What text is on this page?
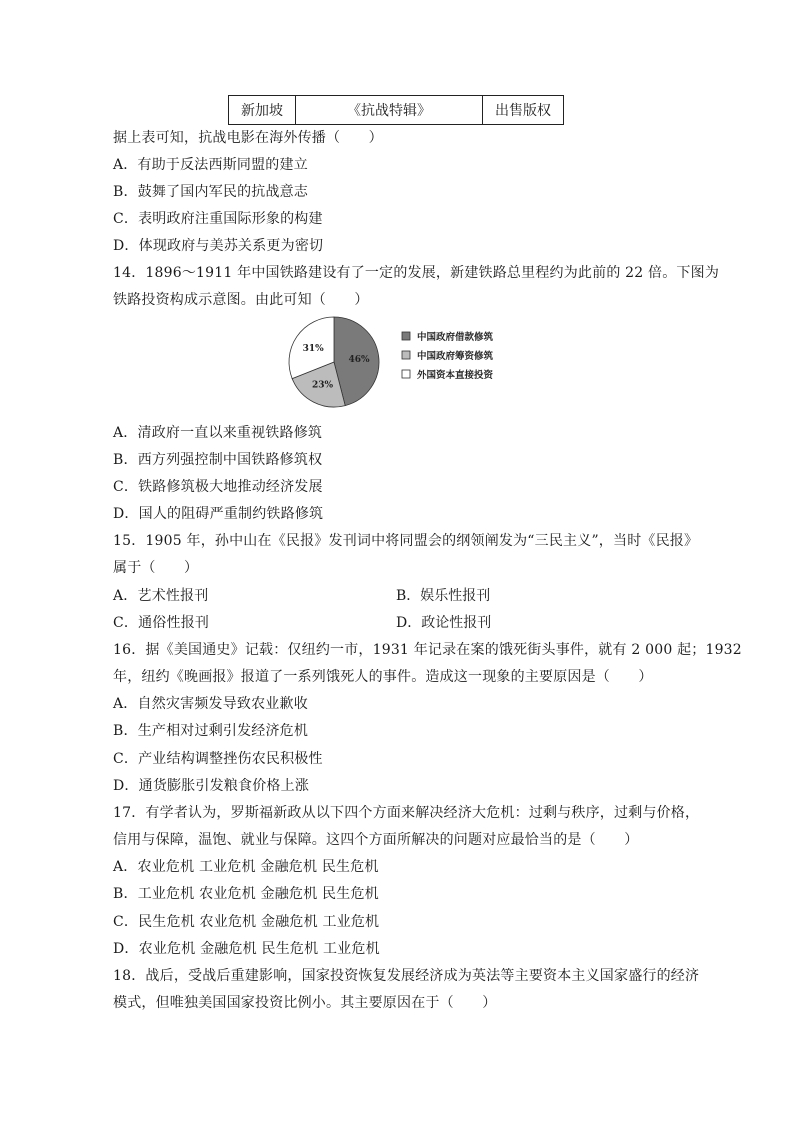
新加坡	《抗战特辑》	出售版权
据上表可知，抗战电影在海外传播（　　）
A．有助于反法西斯同盟的建立
B．鼓舞了国内军民的抗战意志
C．表明政府注重国际形象的构建
D．体现政府与美苏关系更为密切
14．1896～1911 年中国铁路建设有了一定的发展，新建铁路总里程约为此前的 22 倍。下图为
铁路投资构成示意图。由此可知（　　）
46%
23%
31%
中国政府借款修筑
中国政府筹资修筑
外国资本直接投资
A．清政府一直以来重视铁路修筑
B．西方列强控制中国铁路修筑权
C．铁路修筑极大地推动经济发展
D．国人的阻碍严重制约铁路修筑
15．1905 年，孙中山在《民报》发刊词中将同盟会的纲领阐发为“三民主义”，当时《民报》
属于（　　）
A．艺术性报刊	B．娱乐性报刊
C．通俗性报刊	D．政论性报刊
16．据《美国通史》记载：仅纽约一市，1931 年记录在案的饿死街头事件，就有 2 000 起；1932
年，纽约《晚画报》报道了一系列饿死人的事件。造成这一现象的主要原因是（　　）
A．自然灾害频发导致农业歉收
B．生产相对过剩引发经济危机
C．产业结构调整挫伤农民积极性
D．通货膨胀引发粮食价格上涨
17．有学者认为，罗斯福新政从以下四个方面来解决经济大危机：过剩与秩序，过剩与价格，
信用与保障，温饱、就业与保障。这四个方面所解决的问题对应最恰当的是（　　）
A．农业危机 工业危机 金融危机 民生危机
B．工业危机 农业危机 金融危机 民生危机
C．民生危机 农业危机 金融危机 工业危机
D．农业危机 金融危机 民生危机 工业危机
18．战后，受战后重建影响，国家投资恢复发展经济成为英法等主要资本主义国家盛行的经济
模式，但唯独美国国家投资比例小。其主要原因在于（　　）
